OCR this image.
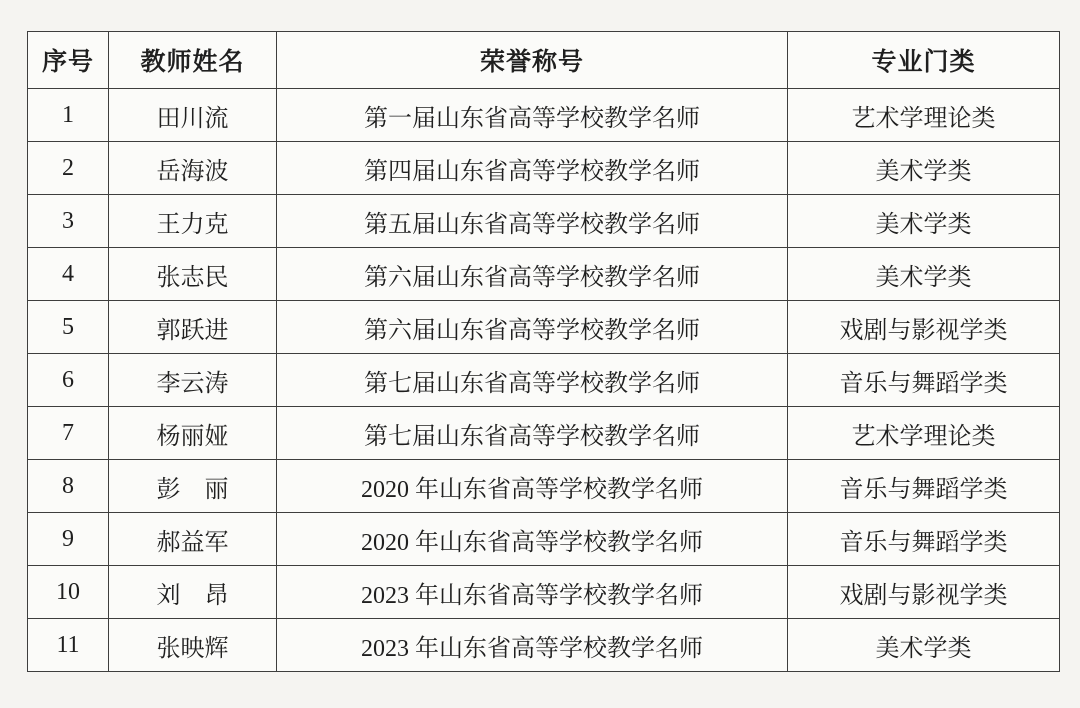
序号	教师姓名	荣誉称号	专业门类
1	田川流	第一届山东省高等学校教学名师	艺术学理论类
2	岳海波	第四届山东省高等学校教学名师	美术学类
3	王力克	第五届山东省高等学校教学名师	美术学类
4	张志民	第六届山东省高等学校教学名师	美术学类
5	郭跃进	第六届山东省高等学校教学名师	戏剧与影视学类
6	李云涛	第七届山东省高等学校教学名师	音乐与舞蹈学类
7	杨丽娅	第七届山东省高等学校教学名师	艺术学理论类
8	彭　丽	2020 年山东省高等学校教学名师	音乐与舞蹈学类
9	郝益军	2020 年山东省高等学校教学名师	音乐与舞蹈学类
10	刘　昂	2023 年山东省高等学校教学名师	戏剧与影视学类
11	张映辉	2023 年山东省高等学校教学名师	美术学类
